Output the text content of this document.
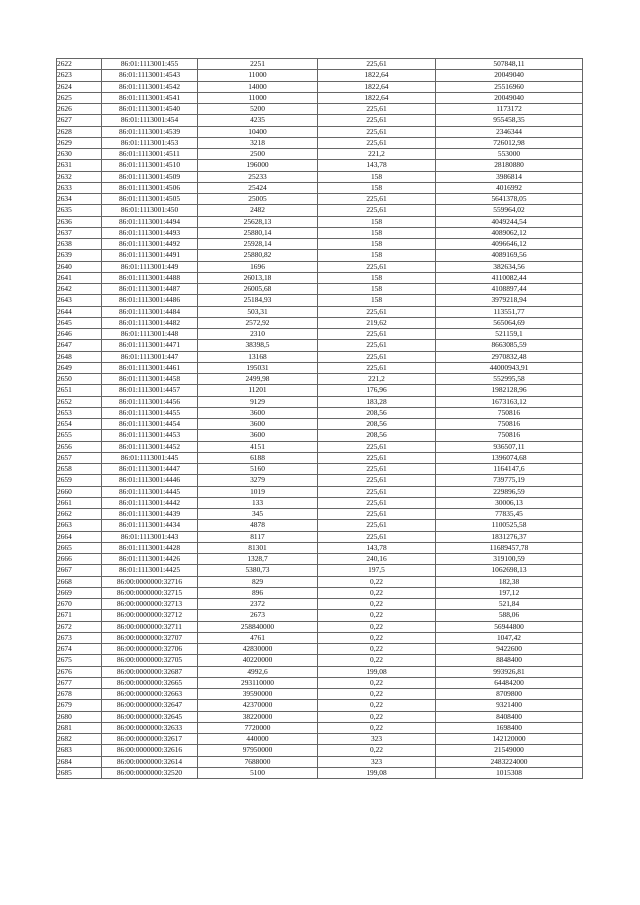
2622	86:01:1113001:455	2251	225,61	507848,11
2623	86:01:1113001:4543	11000	1822,64	20049040
2624	86:01:1113001:4542	14000	1822,64	25516960
2625	86:01:1113001:4541	11000	1822,64	20049040
2626	86:01:1113001:4540	5200	225,61	1173172
2627	86:01:1113001:454	4235	225,61	955458,35
2628	86:01:1113001:4539	10400	225,61	2346344
2629	86:01:1113001:453	3218	225,61	726012,98
2630	86:01:1113001:4511	2500	221,2	553000
2631	86:01:1113001:4510	196000	143,78	28180880
2632	86:01:1113001:4509	25233	158	3986814
2633	86:01:1113001:4506	25424	158	4016992
2634	86:01:1113001:4505	25005	225,61	5641378,05
2635	86:01:1113001:450	2482	225,61	559964,02
2636	86:01:1113001:4494	25628,13	158	4049244,54
2637	86:01:1113001:4493	25880,14	158	4089062,12
2638	86:01:1113001:4492	25928,14	158	4096646,12
2639	86:01:1113001:4491	25880,82	158	4089169,56
2640	86:01:1113001:449	1696	225,61	382634,56
2641	86:01:1113001:4488	26013,18	158	4110082,44
2642	86:01:1113001:4487	26005,68	158	4108897,44
2643	86:01:1113001:4486	25184,93	158	3979218,94
2644	86:01:1113001:4484	503,31	225,61	113551,77
2645	86:01:1113001:4482	2572,92	219,62	565064,69
2646	86:01:1113001:448	2310	225,61	521159,1
2647	86:01:1113001:4471	38398,5	225,61	8663085,59
2648	86:01:1113001:447	13168	225,61	2970832,48
2649	86:01:1113001:4461	195031	225,61	44000943,91
2650	86:01:1113001:4458	2499,98	221,2	552995,58
2651	86:01:1113001:4457	11201	176,96	1982128,96
2652	86:01:1113001:4456	9129	183,28	1673163,12
2653	86:01:1113001:4455	3600	208,56	750816
2654	86:01:1113001:4454	3600	208,56	750816
2655	86:01:1113001:4453	3600	208,56	750816
2656	86:01:1113001:4452	4151	225,61	936507,11
2657	86:01:1113001:445	6188	225,61	1396074,68
2658	86:01:1113001:4447	5160	225,61	1164147,6
2659	86:01:1113001:4446	3279	225,61	739775,19
2660	86:01:1113001:4445	1019	225,61	229896,59
2661	86:01:1113001:4442	133	225,61	30006,13
2662	86:01:1113001:4439	345	225,61	77835,45
2663	86:01:1113001:4434	4878	225,61	1100525,58
2664	86:01:1113001:443	8117	225,61	1831276,37
2665	86:01:1113001:4428	81301	143,78	11689457,78
2666	86:01:1113001:4426	1328,7	240,16	319100,59
2667	86:01:1113001:4425	5380,73	197,5	1062698,13
2668	86:00:0000000:32716	829	0,22	182,38
2669	86:00:0000000:32715	896	0,22	197,12
2670	86:00:0000000:32713	2372	0,22	521,84
2671	86:00:0000000:32712	2673	0,22	588,06
2672	86:00:0000000:32711	258840000	0,22	56944800
2673	86:00:0000000:32707	4761	0,22	1047,42
2674	86:00:0000000:32706	42830000	0,22	9422600
2675	86:00:0000000:32705	40220000	0,22	8848400
2676	86:00:0000000:32687	4992,6	199,08	993926,81
2677	86:00:0000000:32665	293110000	0,22	64484200
2678	86:00:0000000:32663	39590000	0,22	8709800
2679	86:00:0000000:32647	42370000	0,22	9321400
2680	86:00:0000000:32645	38220000	0,22	8408400
2681	86:00:0000000:32633	7720000	0,22	1698400
2682	86:00:0000000:32617	440000	323	142120000
2683	86:00:0000000:32616	97950000	0,22	21549000
2684	86:00:0000000:32614	7688000	323	2483224000
2685	86:00:0000000:32520	5100	199,08	1015308
